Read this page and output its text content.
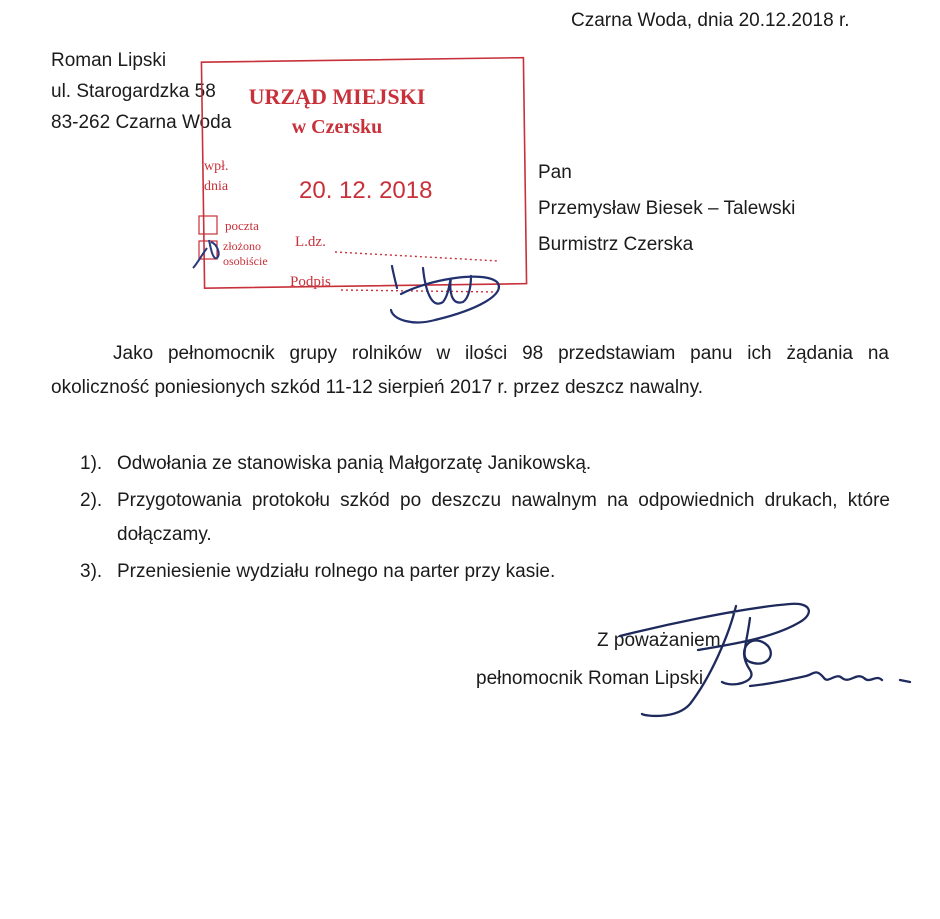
Czarna Woda, dnia 20.12.2018 r.
Roman Lipski
ul. Starogardzka 58
83-262 Czarna Woda
Pan
Przemysław Biesek – Talewski
Burmistrz Czerska
URZĄD MIEJSKI
w Czersku
wpł.
dnia	20. 12. 2018
poczta
złożono
osobiście
L.dz.
Podpis
Jako pełnomocnik grupy rolników w ilości 98 przedstawiam panu ich żądania na
okoliczność poniesionych szkód 11-12 sierpień 2017 r. przez deszcz nawalny.
1). Odwołania ze stanowiska panią Małgorzatę Janikowską.
2). Przygotowania protokołu szkód po deszczu nawalnym na odpowiednich drukach, które dołączamy.
3). Przeniesienie wydziału rolnego na parter przy kasie.
Z poważaniem
pełnomocnik Roman Lipski
